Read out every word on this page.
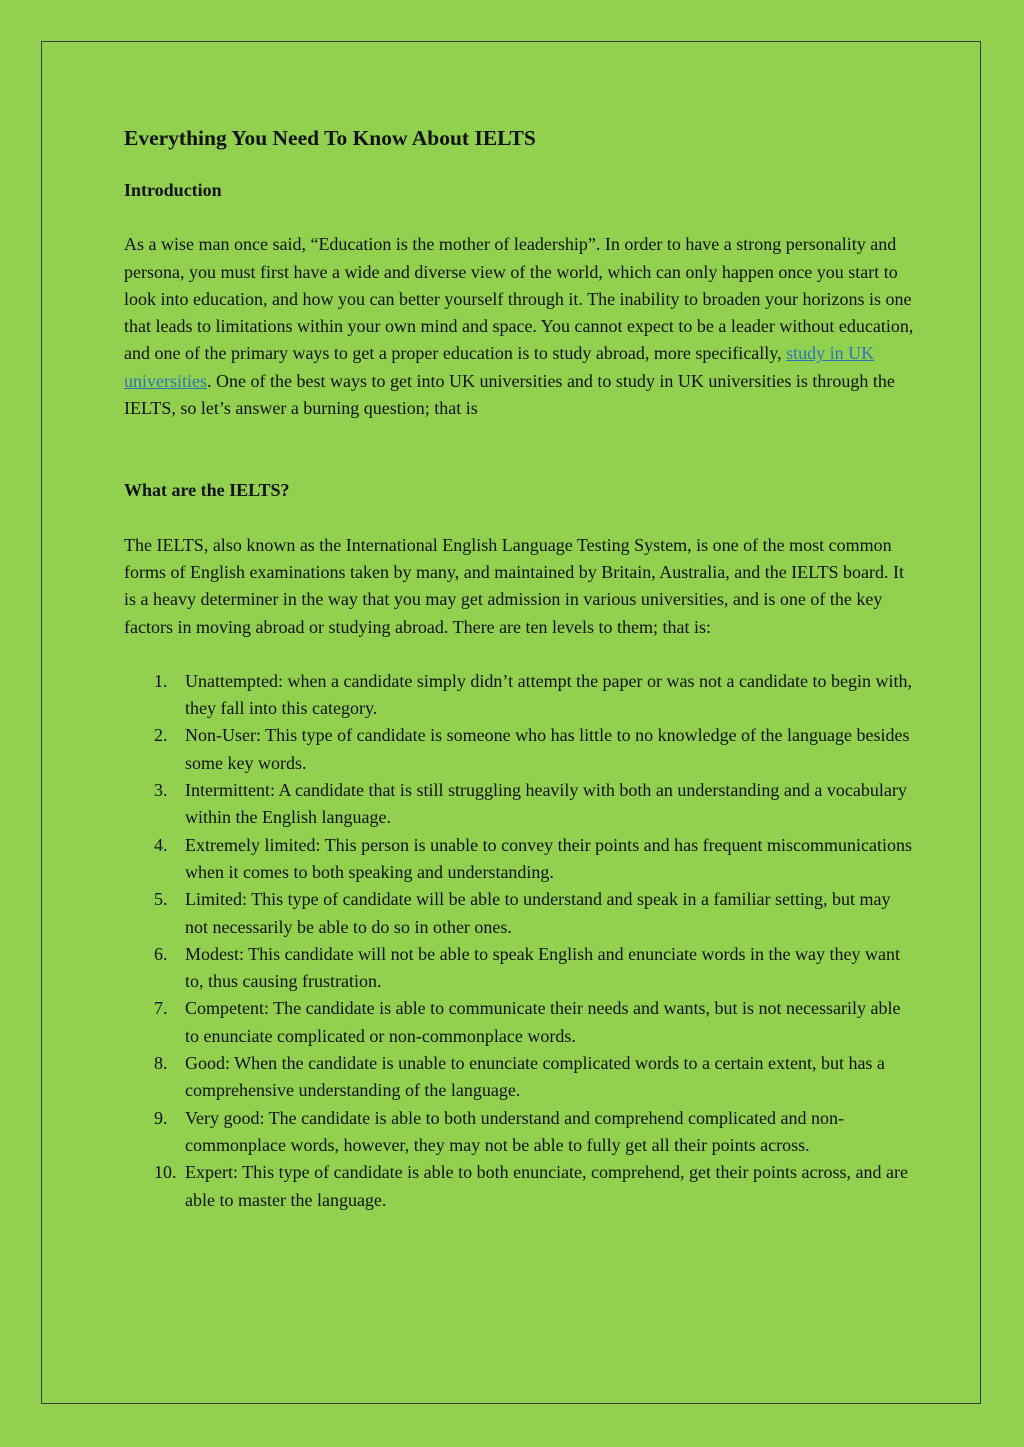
Everything You Need To Know About IELTS
Introduction

As a wise man once said, “Education is the mother of leadership”. In order to have a strong personality and persona, you must first have a wide and diverse view of the world, which can only happen once you start to look into education, and how you can better yourself through it. The inability to broaden your horizons is one that leads to limitations within your own mind and space. You cannot expect to be a leader without education, and one of the primary ways to get a proper education is to study abroad, more specifically, study in UK universities. One of the best ways to get into UK universities and to study in UK universities is through the IELTS, so let’s answer a burning question; that is

What are the IELTS?

The IELTS, also known as the International English Language Testing System, is one of the most common forms of English examinations taken by many, and maintained by Britain, Australia, and the IELTS board. It is a heavy determiner in the way that you may get admission in various universities, and is one of the key factors in moving abroad or studying abroad. There are ten levels to them; that is:

1. Unattempted: when a candidate simply didn’t attempt the paper or was not a candidate to begin with, they fall into this category.
2. Non-User: This type of candidate is someone who has little to no knowledge of the language besides some key words.
3. Intermittent: A candidate that is still struggling heavily with both an understanding and a vocabulary within the English language.
4. Extremely limited: This person is unable to convey their points and has frequent miscommunications when it comes to both speaking and understanding.
5. Limited: This type of candidate will be able to understand and speak in a familiar setting, but may not necessarily be able to do so in other ones.
6. Modest: This candidate will not be able to speak English and enunciate words in the way they want to, thus causing frustration.
7. Competent: The candidate is able to communicate their needs and wants, but is not necessarily able to enunciate complicated or non-commonplace words.
8. Good: When the candidate is unable to enunciate complicated words to a certain extent, but has a comprehensive understanding of the language.
9. Very good: The candidate is able to both understand and comprehend complicated and non-commonplace words, however, they may not be able to fully get all their points across.
10. Expert: This type of candidate is able to both enunciate, comprehend, get their points across, and are able to master the language.
